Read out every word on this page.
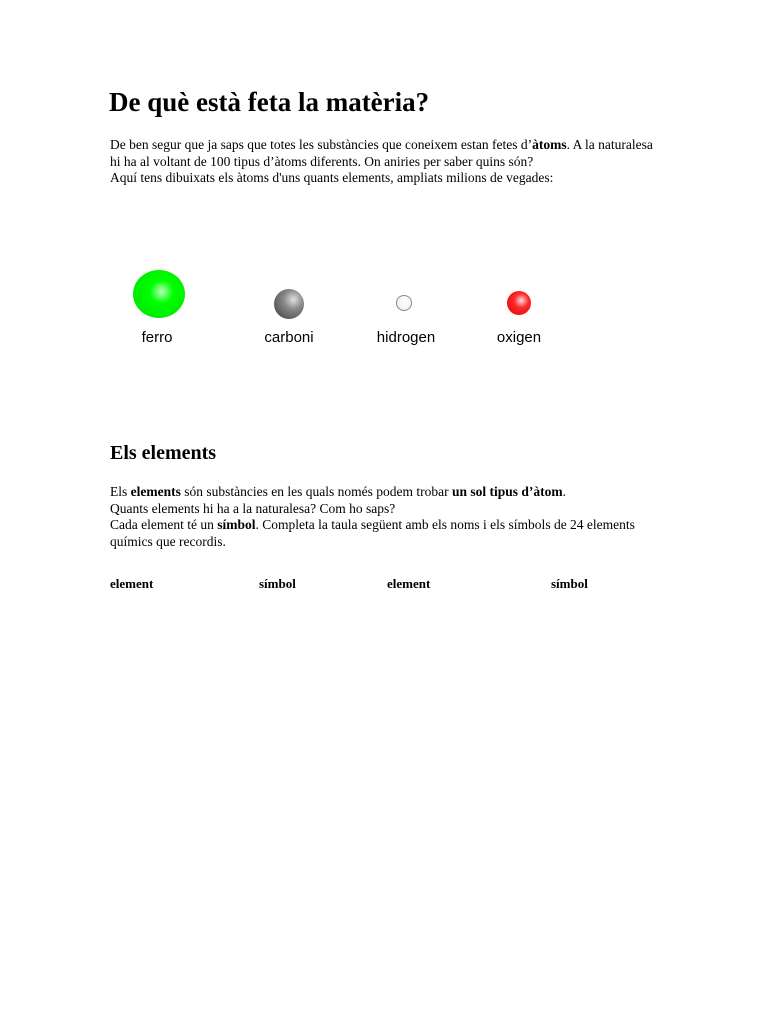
De què està feta la matèria?

De ben segur que ja saps que totes les substàncies que coneixem estan fetes d’àtoms. A la naturalesa hi ha al voltant de 100 tipus d’àtoms diferents. On aniries per saber quins són?

Aquí tens dibuixats els àtoms d'uns quants elements, ampliats milions de vegades:

ferro	carboni	hidrogen	oxigen
Els elements

Els elements són substàncies en les quals només podem trobar un sol tipus d’àtom.

Quants elements hi ha a la naturalesa? Com ho saps?

Cada element té un símbol. Completa la taula següent amb els noms i els símbols de 24 elements químics que recordis.

element	símbol	element	símbol
